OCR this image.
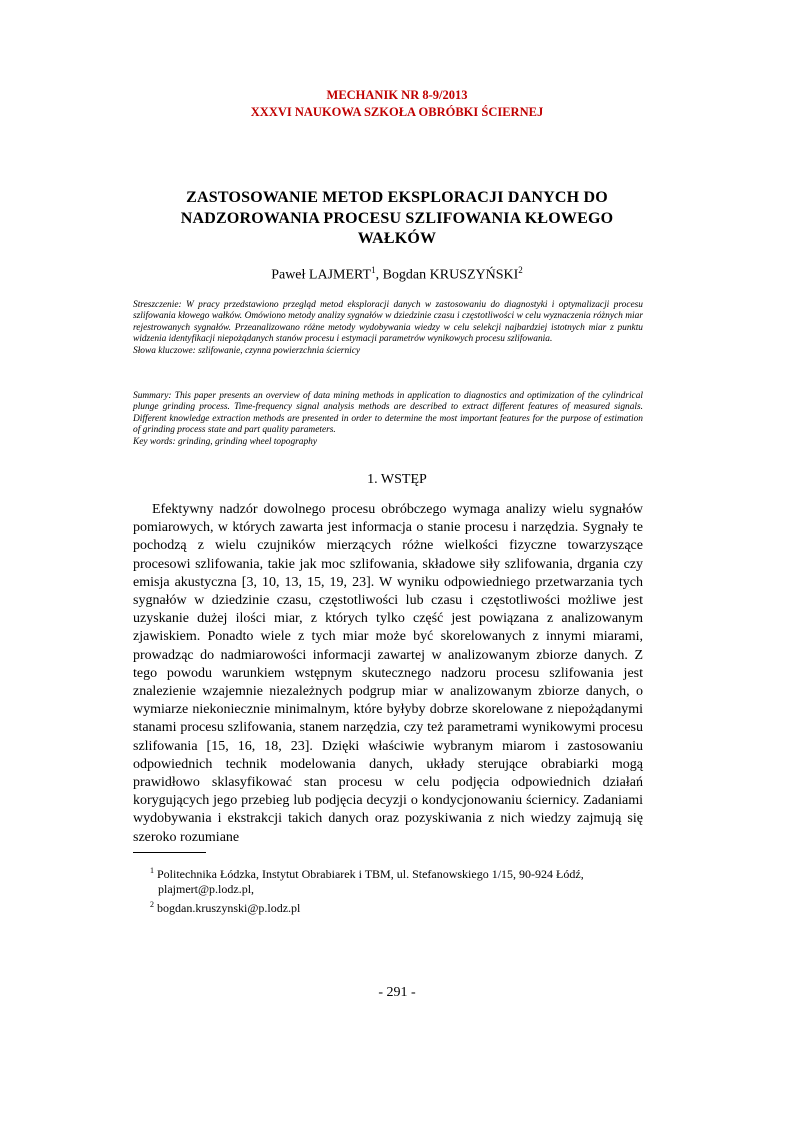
MECHANIK NR 8-9/2013
XXXVI NAUKOWA SZKOŁA OBRÓBKI ŚCIERNEJ
ZASTOSOWANIE METOD EKSPLORACJI DANYCH DO NADZOROWANIA PROCESU SZLIFOWANIA KŁOWEGO WAŁKÓW
Paweł LAJMERT$^1$, Bogdan KRUSZYŃSKI$^2$
Streszczenie: W pracy przedstawiono przegląd metod eksploracji danych w zastosowaniu do diagnostyki i optymalizacji procesu szlifowania kłowego wałków. Omówiono metody analizy sygnałów w dziedzinie czasu i częstotliwości w celu wyznaczenia różnych miar rejestrowanych sygnałów. Przeanalizowano różne metody wydobywania wiedzy w celu selekcji najbardziej istotnych miar z punktu widzenia identyfikacji niepożądanych stanów procesu i estymacji parametrów wynikowych procesu szlifowania.
Słowa kluczowe: szlifowanie, czynna powierzchnia ściernicy
Summary: This paper presents an overview of data mining methods in application to diagnostics and optimization of the cylindrical plunge grinding process. Time-frequency signal analysis methods are described to extract different features of measured signals. Different knowledge extraction methods are presented in order to determine the most important features for the purpose of estimation of grinding process state and part quality parameters.
Key words: grinding, grinding wheel topography
1. WSTĘP
Efektywny nadzór dowolnego procesu obróbczego wymaga analizy wielu sygnałów pomiarowych, w których zawarta jest informacja o stanie procesu i narzędzia. Sygnały te pochodzą z wielu czujników mierzących różne wielkości fizyczne towarzyszące procesowi szlifowania, takie jak moc szlifowania, składowe siły szlifowania, drgania czy emisja akustyczna [3, 10, 13, 15, 19, 23]. W wyniku odpowiedniego przetwarzania tych sygnałów w dziedzinie czasu, częstotliwości lub czasu i częstotliwości możliwe jest uzyskanie dużej ilości miar, z których tylko część jest powiązana z analizowanym zjawiskiem. Ponadto wiele z tych miar może być skorelowanych z innymi miarami, prowadząc do nadmiarowości informacji zawartej w analizowanym zbiorze danych. Z tego powodu warunkiem wstępnym skutecznego nadzoru procesu szlifowania jest znalezienie wzajemnie niezależnych podgrup miar w analizowanym zbiorze danych, o wymiarze niekoniecznie minimalnym, które byłyby dobrze skorelowane z niepożądanymi stanami procesu szlifowania, stanem narzędzia, czy też parametrami wynikowymi procesu szlifowania [15, 16, 18, 23]. Dzięki właściwie wybranym miarom i zastosowaniu odpowiednich technik modelowania danych, układy sterujące obrabiarki mogą prawidłowo sklasyfikować stan procesu w celu podjęcia odpowiednich działań korygujących jego przebieg lub podjęcia decyzji o kondycjonowaniu ściernicy. Zadaniami wydobywania i ekstrakcji takich danych oraz pozyskiwania z nich wiedzy zajmują się szeroko rozumiane

$^1$ Politechnika Łódzka, Instytut Obrabiarek i TBM, ul. Stefanowskiego 1/15, 90-924 Łódź,

plajmert@p.lodz.pl,

$^2$ bogdan.kruszynski@p.lodz.pl

- 291 -
